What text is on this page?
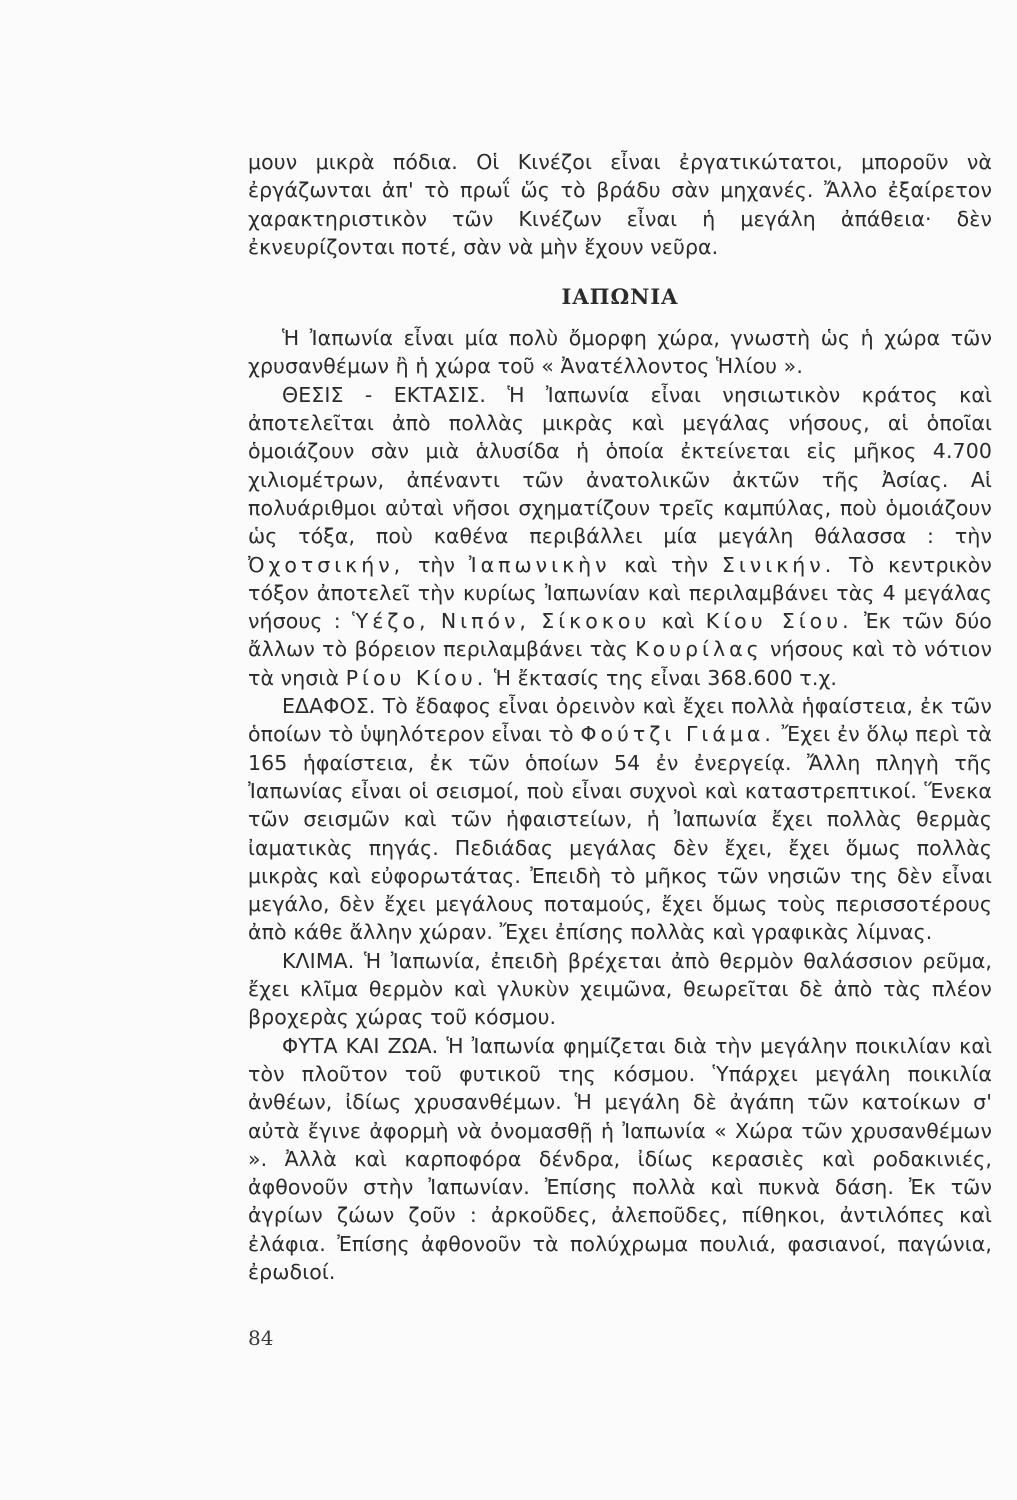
μουν μικρὰ πόδια. Οἱ Κινέζοι εἶναι ἐργατικώτατοι, μποροῦν νὰ ἐργάζωνται ἀπ' τὸ πρωΐ ὥς τὸ βράδυ σὰν μηχανές. Ἄλλο ἐξαίρετον χαρακτηριστικὸν τῶν Κινέζων εἶναι ἡ μεγάλη ἀπάθεια· δὲν ἐκνευρίζονται ποτέ, σὰν νὰ μὴν ἔχουν νεῦρα.

ΙΑΠΩΝΙΑ

Ἡ Ἰαπωνία εἶναι μία πολὺ ὄμορφη χώρα, γνωστὴ ὡς ἡ χώρα τῶν χρυσανθέμων ἢ ἡ χώρα τοῦ « Ἀνατέλλοντος Ἡλίου ».

ΘΕΣΙΣ - ΕΚΤΑΣΙΣ. Ἡ Ἰαπωνία εἶναι νησιωτικὸν κράτος καὶ ἀποτελεῖται ἀπὸ πολλὰς μικρὰς καὶ μεγάλας νήσους, αἱ ὁποῖαι ὁμοιάζουν σὰν μιὰ ἁλυσίδα ἡ ὁποία ἐκτείνεται εἰς μῆκος 4.700 χιλιομέτρων, ἀπέναντι τῶν ἀνατολικῶν ἀκτῶν τῆς Ἀσίας. Αἱ πολυάριθμοι αὐταὶ νῆσοι σχηματίζουν τρεῖς καμπύλας, ποὺ ὁμοιάζουν ὡς τόξα, ποὺ καθένα περιβάλλει μία μεγάλη θάλασσα : τὴν Ὀχοτσικήν, τὴν Ἰαπωνικὴν καὶ τὴν Σινικήν. Τὸ κεντρικὸν τόξον ἀποτελεῖ τὴν κυρίως Ἰαπωνίαν καὶ περιλαμβάνει τὰς 4 μεγάλας νήσους : Ὑέζο, Νιπόν, Σίκοκου καὶ Κίου Σίου. Ἐκ τῶν δύο ἄλλων τὸ βόρειον περιλαμβάνει τὰς Κουρίλας νήσους καὶ τὸ νότιον τὰ νησιὰ Ρίου Κίου. Ἡ ἔκτασίς της εἶναι 368.600 τ.χ.

ΕΔΑΦΟΣ. Τὸ ἔδαφος εἶναι ὀρεινὸν καὶ ἔχει πολλὰ ἡφαίστεια, ἐκ τῶν ὁποίων τὸ ὑψηλότερον εἶναι τὸ Φούτζι Γιάμα. Ἔχει ἐν ὅλῳ περὶ τὰ 165 ἡφαίστεια, ἐκ τῶν ὁποίων 54 ἐν ἐνεργείᾳ. Ἄλλη πληγὴ τῆς Ἰαπωνίας εἶναι οἱ σεισμοί, ποὺ εἶναι συχνοὶ καὶ καταστρεπτικοί. Ἕνεκα τῶν σεισμῶν καὶ τῶν ἡφαιστείων, ἡ Ἰαπωνία ἔχει πολλὰς θερμὰς ἰαματικὰς πηγάς. Πεδιάδας μεγάλας δὲν ἔχει, ἔχει ὅμως πολλὰς μικρὰς καὶ εὐφορωτάτας. Ἐπειδὴ τὸ μῆκος τῶν νησιῶν της δὲν εἶναι μεγάλο, δὲν ἔχει μεγάλους ποταμούς, ἔχει ὅμως τοὺς περισσοτέρους ἀπὸ κάθε ἄλλην χώραν. Ἔχει ἐπίσης πολλὰς καὶ γραφικὰς λίμνας.

ΚΛΙΜΑ. Ἡ Ἰαπωνία, ἐπειδὴ βρέχεται ἀπὸ θερμὸν θαλάσσιον ρεῦμα, ἔχει κλῖμα θερμὸν καὶ γλυκὺν χειμῶνα, θεωρεῖται δὲ ἀπὸ τὰς πλέον βροχερὰς χώρας τοῦ κόσμου.

ΦΥΤΑ ΚΑΙ ΖΩΑ. Ἡ Ἰαπωνία φημίζεται διὰ τὴν μεγάλην ποικιλίαν καὶ τὸν πλοῦτον τοῦ φυτικοῦ της κόσμου. Ὑπάρχει μεγάλη ποικιλία ἀνθέων, ἰδίως χρυσανθέμων. Ἡ μεγάλη δὲ ἀγάπη τῶν κατοίκων σ' αὐτὰ ἔγινε ἀφορμὴ νὰ ὀνομασθῇ ἡ Ἰαπωνία « Χώρα τῶν χρυσανθέμων ». Ἀλλὰ καὶ καρποφόρα δένδρα, ἰδίως κερασιὲς καὶ ροδακινιές, ἀφθονοῦν στὴν Ἰαπωνίαν. Ἐπίσης πολλὰ καὶ πυκνὰ δάση. Ἐκ τῶν ἀγρίων ζώων ζοῦν : ἀρκοῦδες, ἀλεποῦδες, πίθηκοι, ἀντιλόπες καὶ ἐλάφια. Ἐπίσης ἀφθονοῦν τὰ πολύχρωμα πουλιά, φασιανοί, παγώνια, ἐρωδιοί.

84
